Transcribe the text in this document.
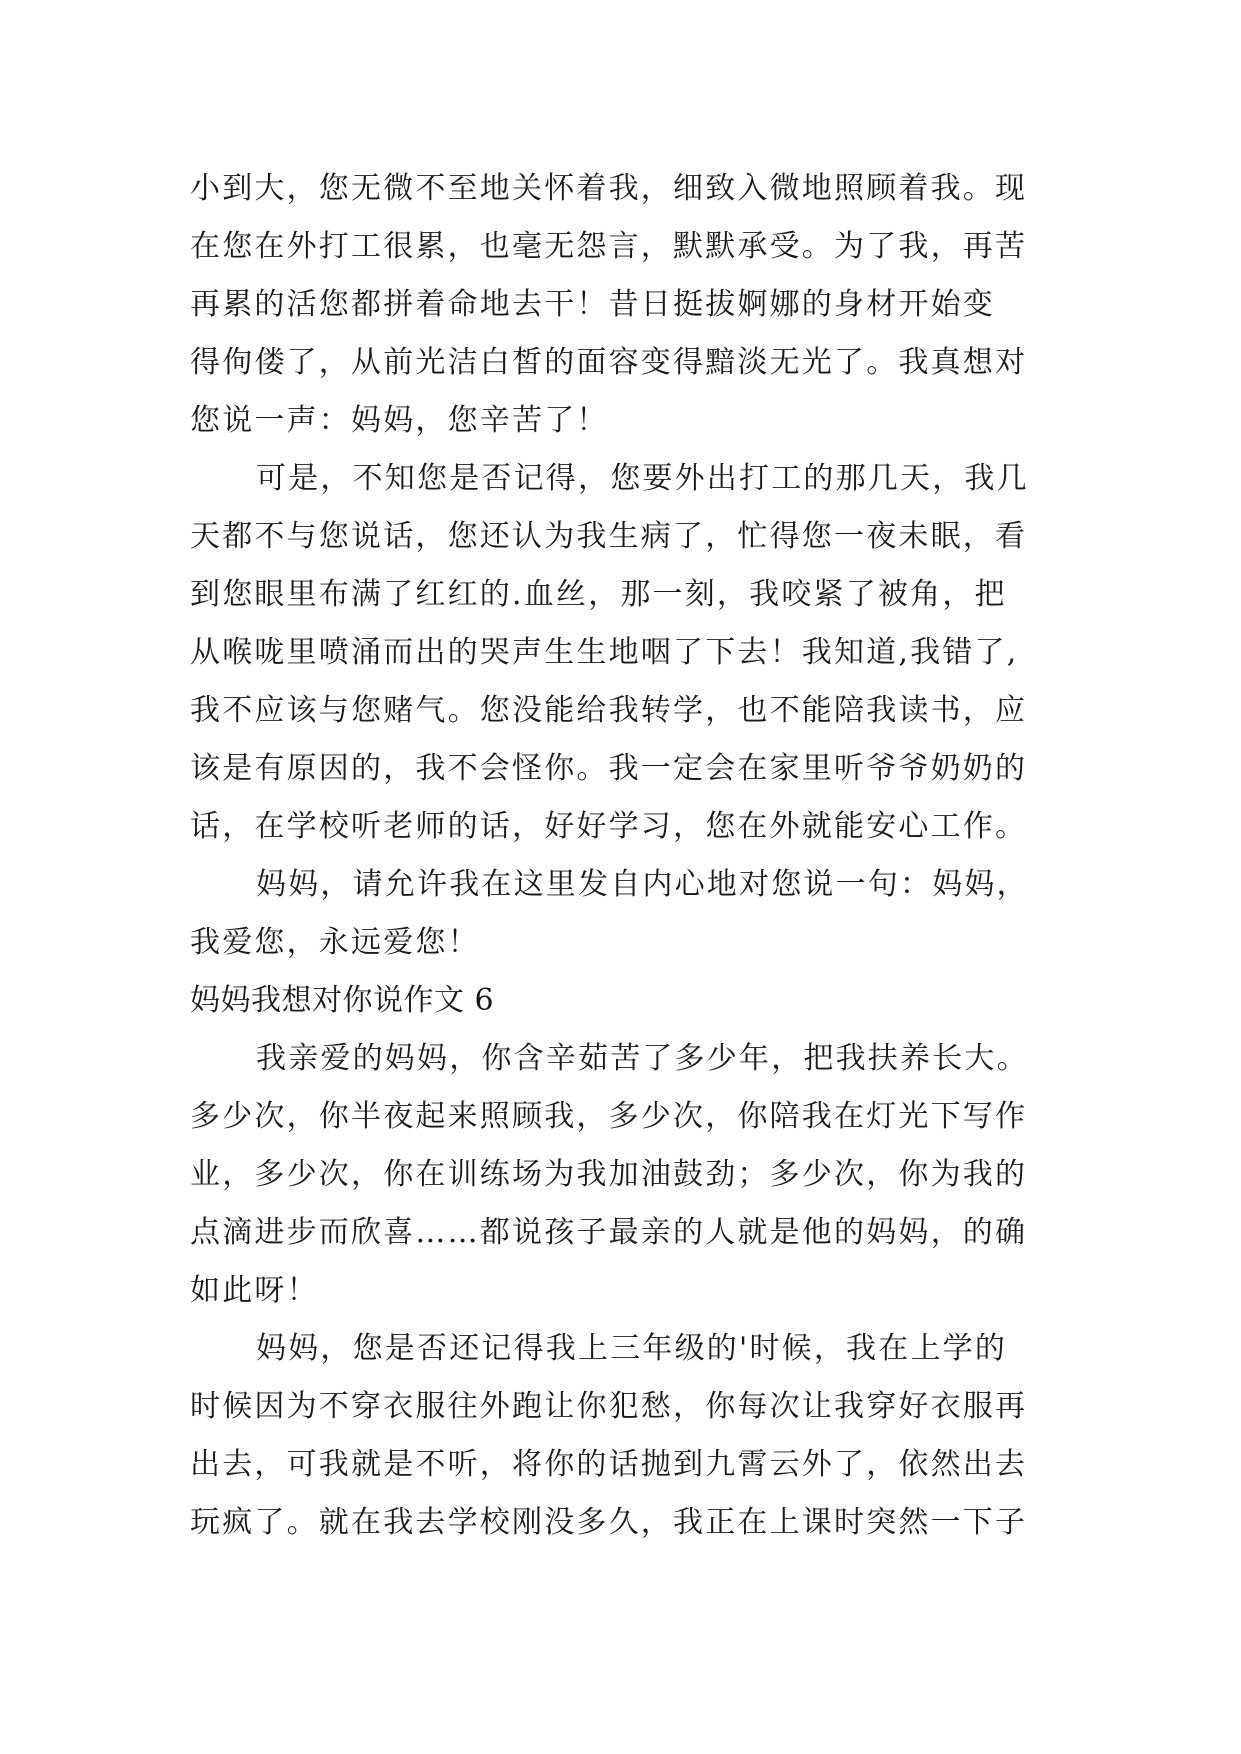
小到大，您无微不至地关怀着我，细致入微地照顾着我。现
在您在外打工很累，也毫无怨言，默默承受。为了我，再苦
再累的活您都拼着命地去干！昔日挺拔婀娜的身材开始变
得佝偻了，从前光洁白皙的面容变得黯淡无光了。我真想对
您说一声：妈妈，您辛苦了！
可是，不知您是否记得，您要外出打工的那几天，我几
天都不与您说话，您还认为我生病了，忙得您一夜未眠，看
到您眼里布满了红红的.血丝，那一刻，我咬紧了被角，把
从喉咙里喷涌而出的哭声生生地咽了下去！我知道,我错了,
我不应该与您赌气。您没能给我转学，也不能陪我读书，应
该是有原因的，我不会怪你。我一定会在家里听爷爷奶奶的
话，在学校听老师的话，好好学习，您在外就能安心工作。
妈妈，请允许我在这里发自内心地对您说一句：妈妈，
我爱您，永远爱您！
妈妈我想对你说作文 6
我亲爱的妈妈，你含辛茹苦了多少年，把我扶养长大。
多少次，你半夜起来照顾我，多少次，你陪我在灯光下写作
业，多少次，你在训练场为我加油鼓劲；多少次，你为我的
点滴进步而欣喜……都说孩子最亲的人就是他的妈妈，的确
如此呀！
妈妈，您是否还记得我上三年级的'时候，我在上学的
时候因为不穿衣服往外跑让你犯愁，你每次让我穿好衣服再
出去，可我就是不听，将你的话抛到九霄云外了，依然出去
玩疯了。就在我去学校刚没多久，我正在上课时突然一下子
